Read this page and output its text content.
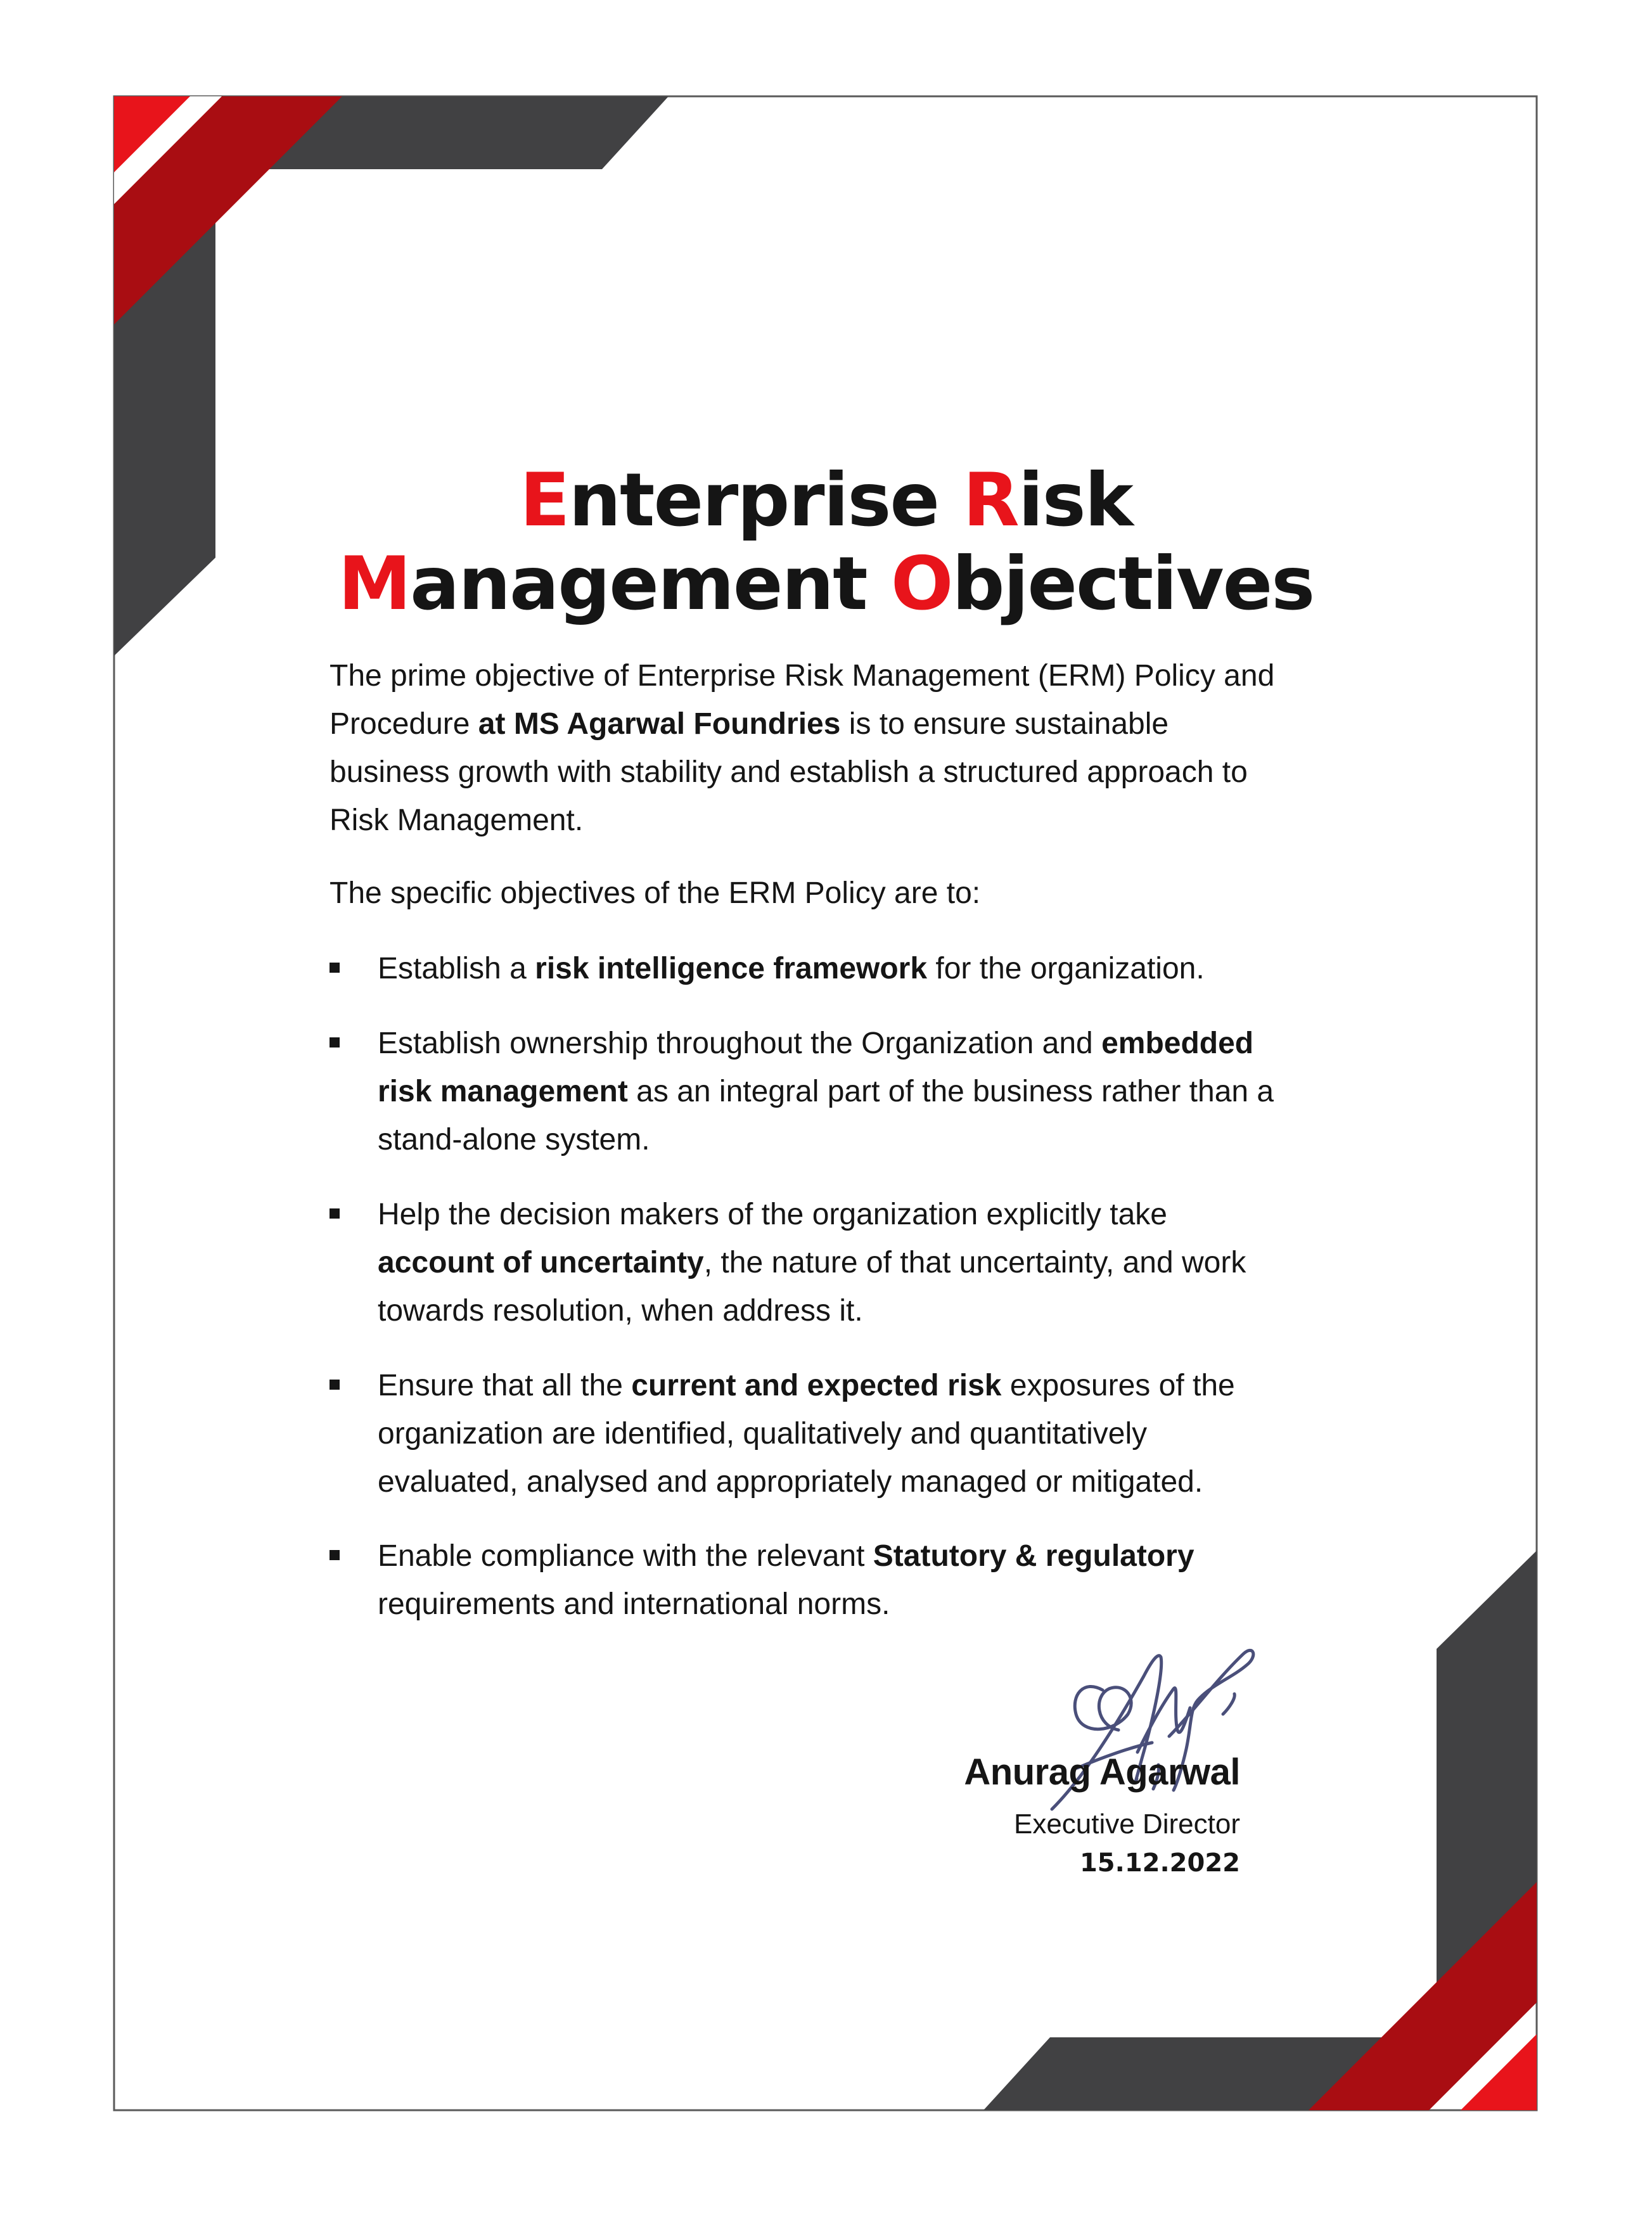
Enterprise Risk
Management Objectives

The prime objective of Enterprise Risk Management (ERM) Policy and Procedure at MS Agarwal Foundries is to ensure sustainable business growth with stability and establish a structured approach to Risk Management.

The specific objectives of the ERM Policy are to:

Establish a risk intelligence framework for the organization.

Establish ownership throughout the Organization and embedded risk management as an integral part of the business rather than a stand-alone system.

Help the decision makers of the organization explicitly take account of uncertainty, the nature of that uncertainty, and work towards resolution, when address it.

Ensure that all the current and expected risk exposures of the organization are identified, qualitatively and quantitatively evaluated, analysed and appropriately managed or mitigated.

Enable compliance with the relevant Statutory & regulatory requirements and international norms.

Anurag Agarwal

Executive Director

15.12.2022
